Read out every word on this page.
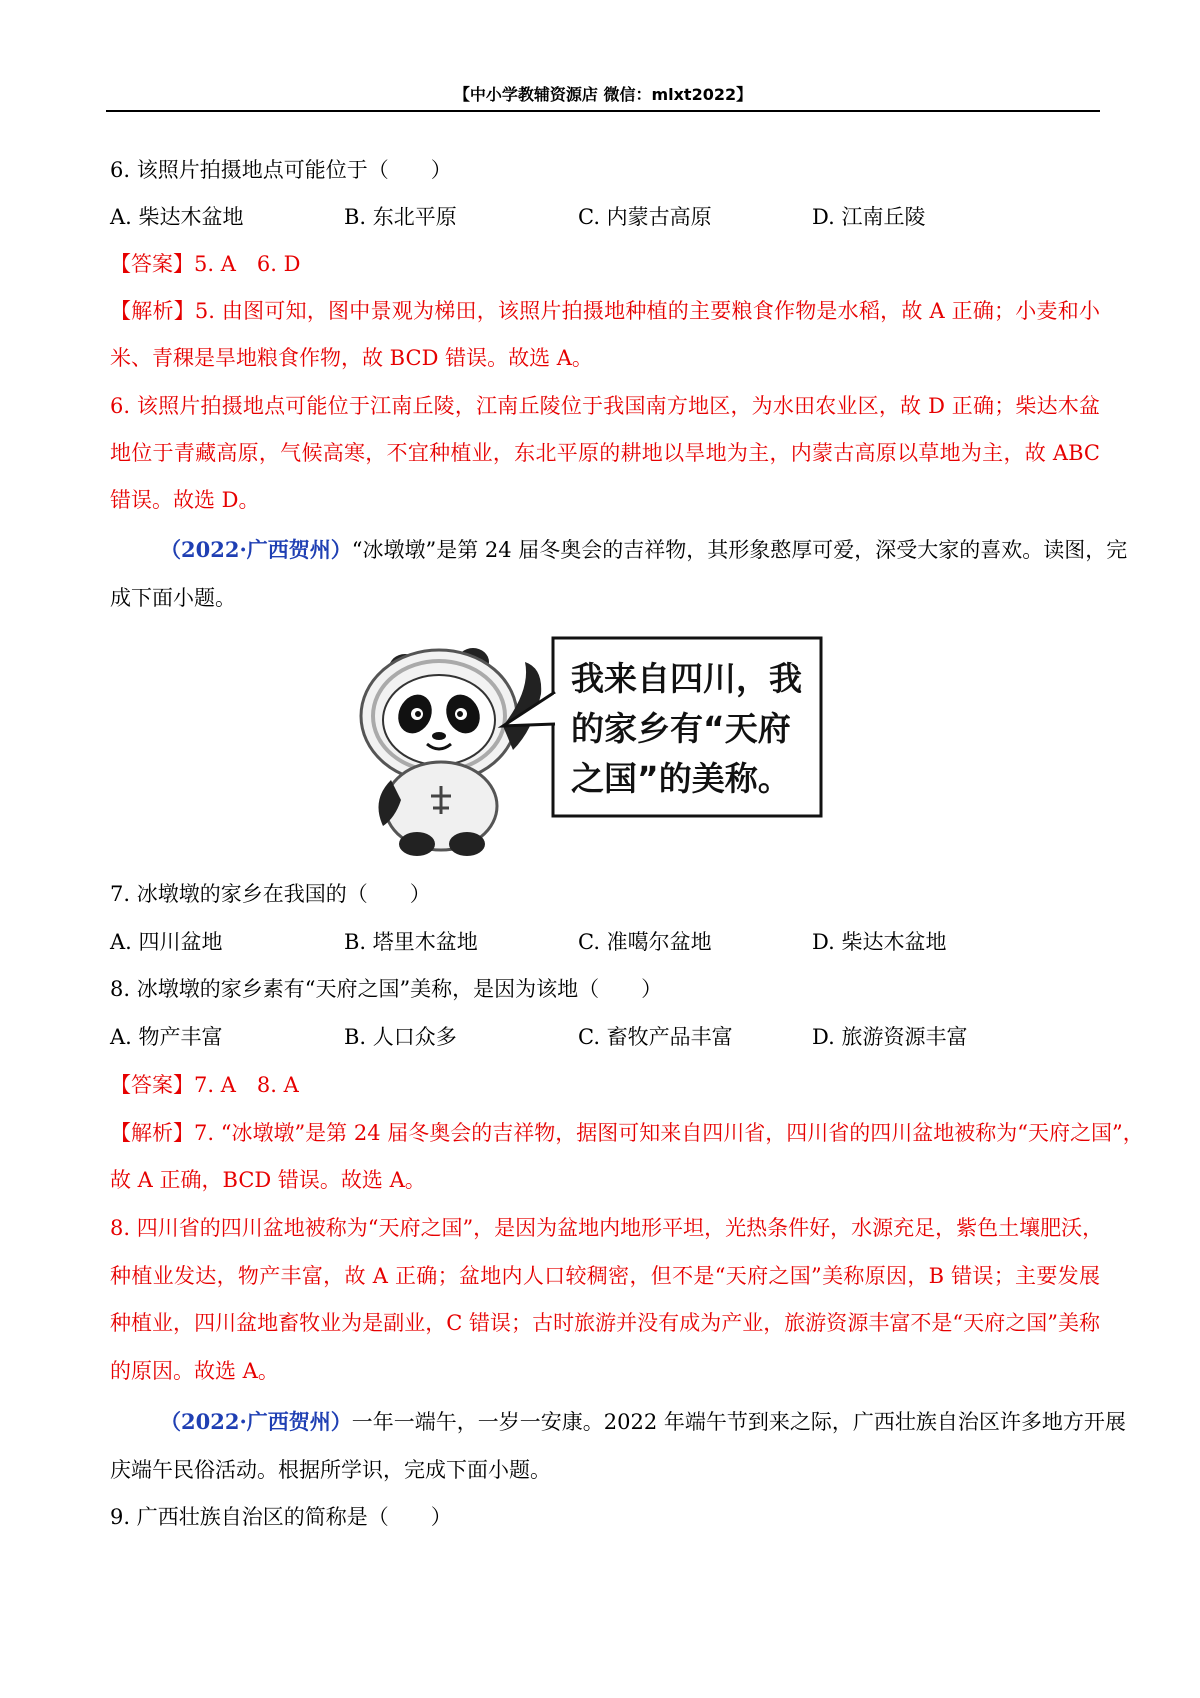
【中小学教辅资源店 微信：mlxt2022】
6. 该照片拍摄地点可能位于（　　）
A. 柴达木盆地	B. 东北平原	C. 内蒙古高原	D. 江南丘陵
【答案】5. A　6. D
【解析】5. 由图可知，图中景观为梯田，该照片拍摄地种植的主要粮食作物是水稻，故 A 正确；小麦和小
米、青稞是旱地粮食作物，故 BCD 错误。故选 A。
6. 该照片拍摄地点可能位于江南丘陵，江南丘陵位于我国南方地区，为水田农业区，故 D 正确；柴达木盆
地位于青藏高原，气候高寒，不宜种植业，东北平原的耕地以旱地为主，内蒙古高原以草地为主，故 ABC
错误。故选 D。
（2022·广西贺州）“冰墩墩”是第 24 届冬奥会的吉祥物，其形象憨厚可爱，深受大家的喜欢。读图，完
成下面小题。
我来自四川，我
的家乡有“天府
之国”的美称。
7. 冰墩墩的家乡在我国的（　　）
A. 四川盆地	B. 塔里木盆地	C. 准噶尔盆地	D. 柴达木盆地
8. 冰墩墩的家乡素有“天府之国”美称，是因为该地（　　）
A. 物产丰富	B. 人口众多	C. 畜牧产品丰富	D. 旅游资源丰富
【答案】7. A　8. A
【解析】7. “冰墩墩”是第 24 届冬奥会的吉祥物，据图可知来自四川省，四川省的四川盆地被称为“天府之国”，
故 A 正确，BCD 错误。故选 A。
8. 四川省的四川盆地被称为“天府之国”，是因为盆地内地形平坦，光热条件好，水源充足，紫色土壤肥沃，
种植业发达，物产丰富，故 A 正确；盆地内人口较稠密，但不是“天府之国”美称原因，B 错误；主要发展
种植业，四川盆地畜牧业为是副业，C 错误；古时旅游并没有成为产业，旅游资源丰富不是“天府之国”美称
的原因。故选 A。
（2022·广西贺州）一年一端午，一岁一安康。2022 年端午节到来之际，广西壮族自治区许多地方开展
庆端午民俗活动。根据所学识，完成下面小题。
9. 广西壮族自治区的简称是（　　）
